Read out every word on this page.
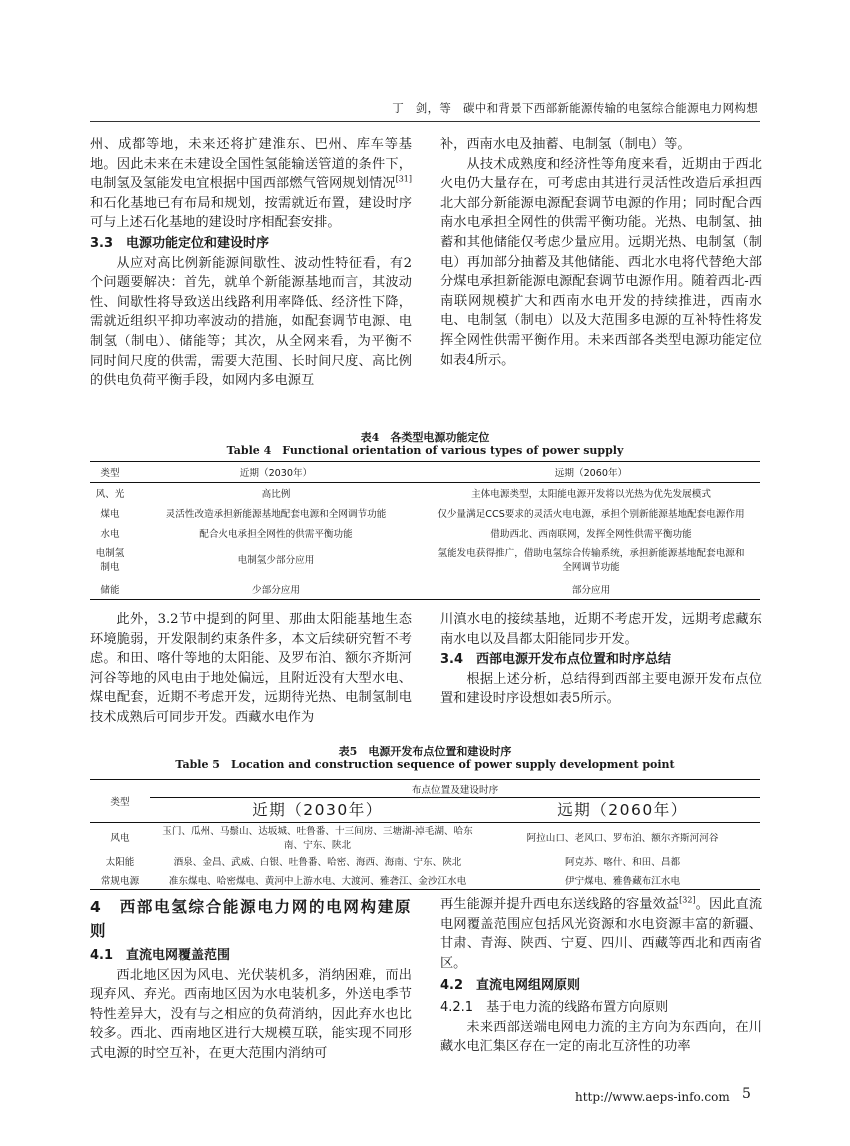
丁　剑，等　碳中和背景下西部新能源传输的电氢综合能源电力网构想

州、成都等地，未来还将扩建淮东、巴州、库车等基地。因此未来在未建设全国性氢能输送管道的条件下，电制氢及氢能发电宜根据中国西部燃气管网规划情况[31]和石化基地已有布局和规划，按需就近布置，建设时序可与上述石化基地的建设时序相配套安排。

3.3　电源功能定位和建设时序

从应对高比例新能源间歇性、波动性特征看，有2个问题要解决：首先，就单个新能源基地而言，其波动性、间歇性将导致送出线路利用率降低、经济性下降，需就近组织平抑功率波动的措施，如配套调节电源、电制氢（制电）、储能等；其次，从全网来看，为平衡不同时间尺度的供需，需要大范围、长时间尺度、高比例的供电负荷平衡手段，如网内多电源互

补，西南水电及抽蓄、电制氢（制电）等。

从技术成熟度和经济性等角度来看，近期由于西北火电仍大量存在，可考虑由其进行灵活性改造后承担西北大部分新能源电源配套调节电源的作用；同时配合西南水电承担全网性的供需平衡功能。光热、电制氢、抽蓄和其他储能仅考虑少量应用。远期光热、电制氢（制电）再加部分抽蓄及其他储能、西北水电将代替绝大部分煤电承担新能源电源配套调节电源作用。随着西北-西南联网规模扩大和西南水电开发的持续推进，西南水电、电制氢（制电）以及大范围多电源的互补特性将发挥全网性供需平衡作用。未来西部各类型电源功能定位如表4所示。

表4　各类型电源功能定位
Table 4　Functional orientation of various types of power supply
类型	近期（2030年）	远期（2060年）
风、光	高比例	主体电源类型，太阳能电源开发将以光热为优先发展模式
煤电	灵活性改造承担新能源基地配套电源和全网调节功能	仅少量满足CCS要求的灵活火电电源，承担个别新能源基地配套电源作用
水电	配合火电承担全网性的供需平衡功能	借助西北、西南联网，发挥全网性供需平衡功能
电制氢
制电	电制氢少部分应用	氢能发电获得推广，借助电氢综合传输系统，承担新能源基地配套电源和
全网调节功能
储能	少部分应用	部分应用

此外，3.2节中提到的阿里、那曲太阳能基地生态环境脆弱，开发限制约束条件多，本文后续研究暂不考虑。和田、喀什等地的太阳能、及罗布泊、额尔齐斯河河谷等地的风电由于地处偏远，且附近没有大型水电、煤电配套，近期不考虑开发，远期待光热、电制氢制电技术成熟后可同步开发。西藏水电作为

川滇水电的接续基地，近期不考虑开发，远期考虑藏东南水电以及昌都太阳能同步开发。

3.4　西部电源开发布点位置和时序总结

根据上述分析，总结得到西部主要电源开发布点位置和建设时序设想如表5所示。

表5　电源开发布点位置和建设时序
Table 5　Location and construction sequence of power supply development point
类型	布点位置及建设时序	
	近期（2030年）	远期（2060年）
风电	玉门、瓜州、马鬃山、达坂城、吐鲁番、十三间房、三塘湖-淖毛湖、哈东南、宁东、陕北	阿拉山口、老风口、罗布泊、额尔齐斯河河谷
太阳能	酒泉、金昌、武威、白银、吐鲁番、哈密、海西、海南、宁东、陕北	阿克苏、喀什、和田、昌都
常规电源	准东煤电、哈密煤电、黄河中上游水电、大渡河、雅砻江、金沙江水电	伊宁煤电、雅鲁藏布江水电

4　西部电氢综合能源电力网的电网构建原则

4.1　直流电网覆盖范围

西北地区因为风电、光伏装机多，消纳困难，而出现弃风、弃光。西南地区因为水电装机多，外送电季节特性差异大，没有与之相应的负荷消纳，因此弃水也比较多。西北、西南地区进行大规模互联，能实现不同形式电源的时空互补，在更大范围内消纳可

再生能源并提升西电东送线路的容量效益[32]。因此直流电网覆盖范围应包括风光资源和水电资源丰富的新疆、甘肃、青海、陕西、宁夏、四川、西藏等西北和西南省区。

4.2　直流电网组网原则

4.2.1　基于电力流的线路布置方向原则

未来西部送端电网电力流的主方向为东西向，在川藏水电汇集区存在一定的南北互济性的功率

http://www.aeps-info.com 5
